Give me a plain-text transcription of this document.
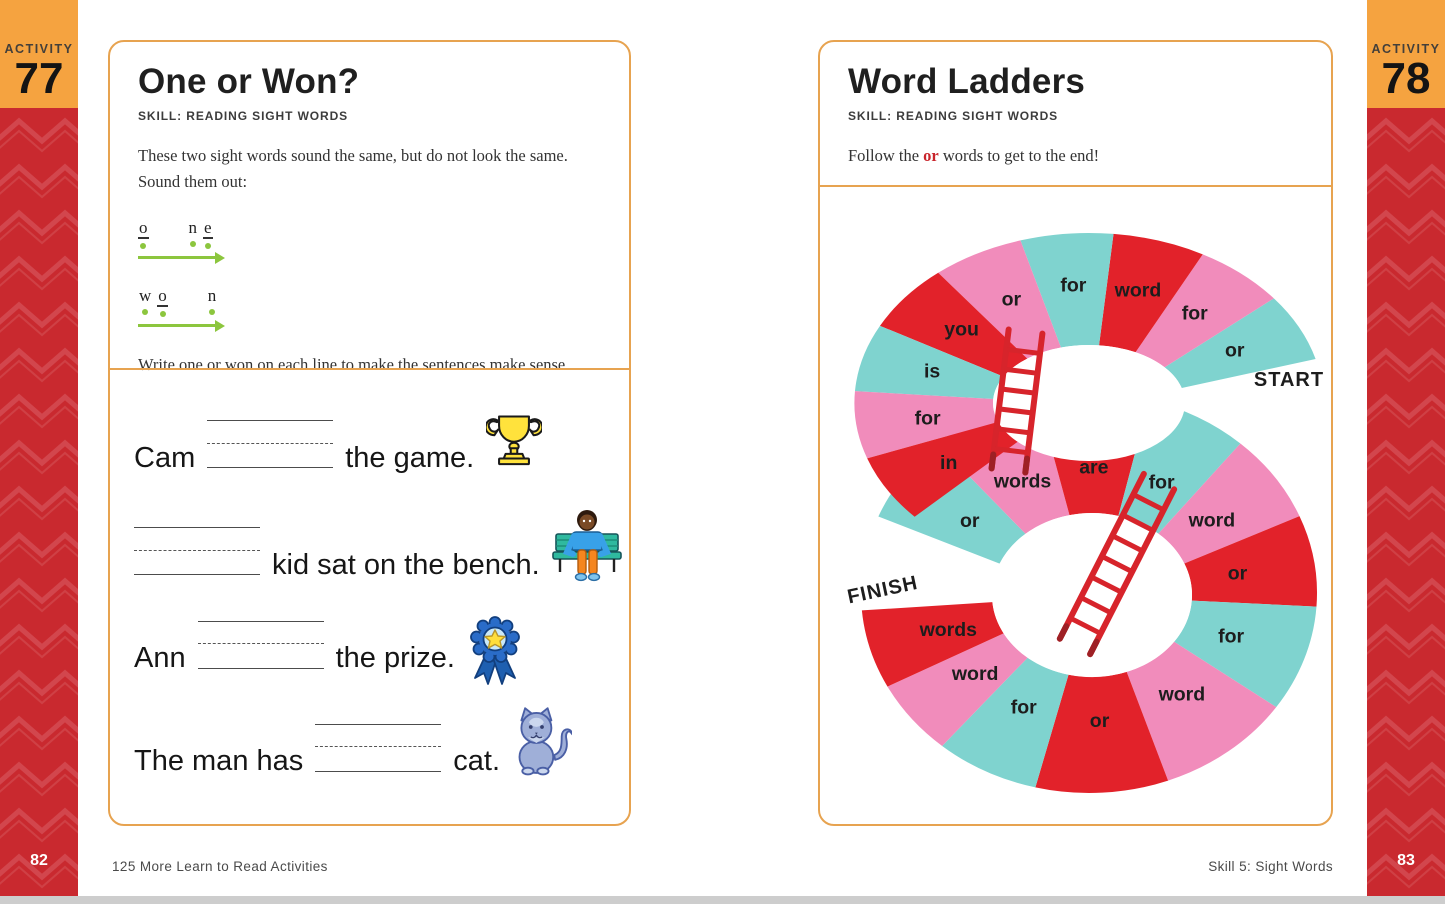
ACTIVITY
77
82
ACTIVITY
78
83
One or Won?
SKILL: READING SIGHT WORDS

These two sight words sound the same, but do not look the same.
Sound them out:

o n e
w o n

Write one or won on each line to make the sentences make sense.

Cam	the game.
kid sat on the bench.
Ann	the prize.
The man has	cat.
Word Ladders
SKILL: READING SIGHT WORDS

Follow the or words to get to the end!

or
words
are
for
word
or
for
word
or
for
word
words
or
for
word
for
or
you
is
for
in
START
FINISH
125 More Learn to Read Activities	Skill 5: Sight Words
